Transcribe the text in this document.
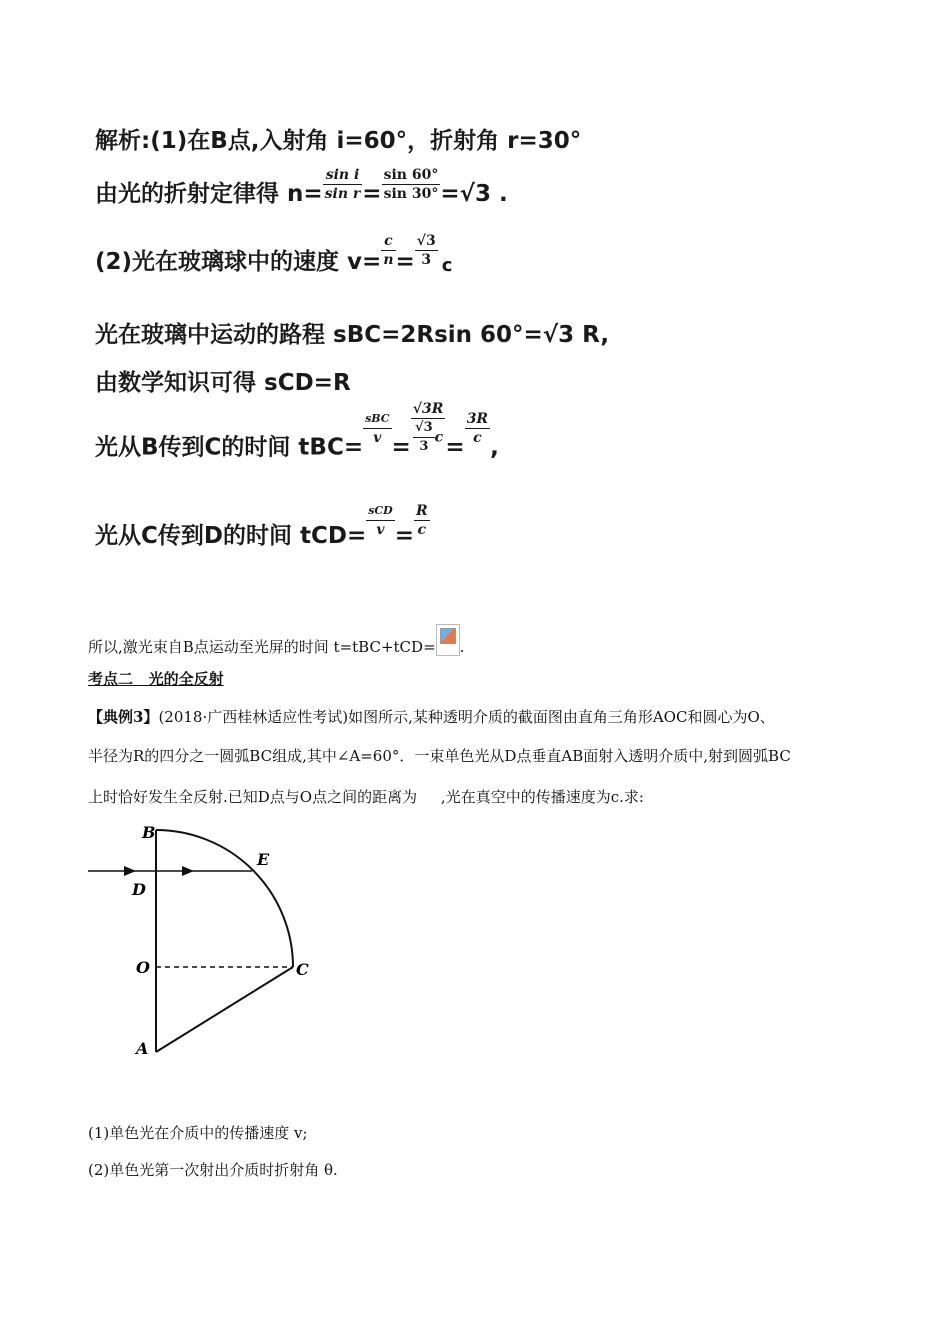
解析:(1)在B点,入射角 i=60°，折射角 r=30°
由光的折射定律得 $n= \frac{\text{sin i}}{\text{sin r}} = \frac{\sin 60^\circ}{\sin 30^\circ} =√3$ .
(2)光在玻璃球中的速度 $v= \frac{c}{n} = \frac{√3}{3} _c$
光在玻璃中运动的路程 sBC=2Rsin 60°=√3 R,
由数学知识可得 sCD=R
光从B传到C的时间 tBC=
$\frac{\text{sBC}}{v}$
= $\frac{√3R}{\frac{√3}{3} c}$ =
$\frac{3R}{c}$
,
光从C传到D的时间 $tCD= \frac{\text{sCD}}{v} = \frac{R}{c}$
所以,激光束自B点运动至光屏的时间 t=tBC+tCD= .
考点二   光的全反射
【典例3】(2018·广西桂林适应性考试)如图所示,某种透明介质的截面图由直角三角形AOC和圆心为O、
半径为R的四分之一圆弧BC组成,其中∠A=60°．一束单色光从D点垂直AB面射入透明介质中,射到圆弧BC
上时恰好发生全反射.已知D点与O点之间的距离为     ,光在真空中的传播速度为c.求:
B
E
D
O	C
A
(1)单色光在介质中的传播速度 v;
(2)单色光第一次射出介质时折射角 θ.
